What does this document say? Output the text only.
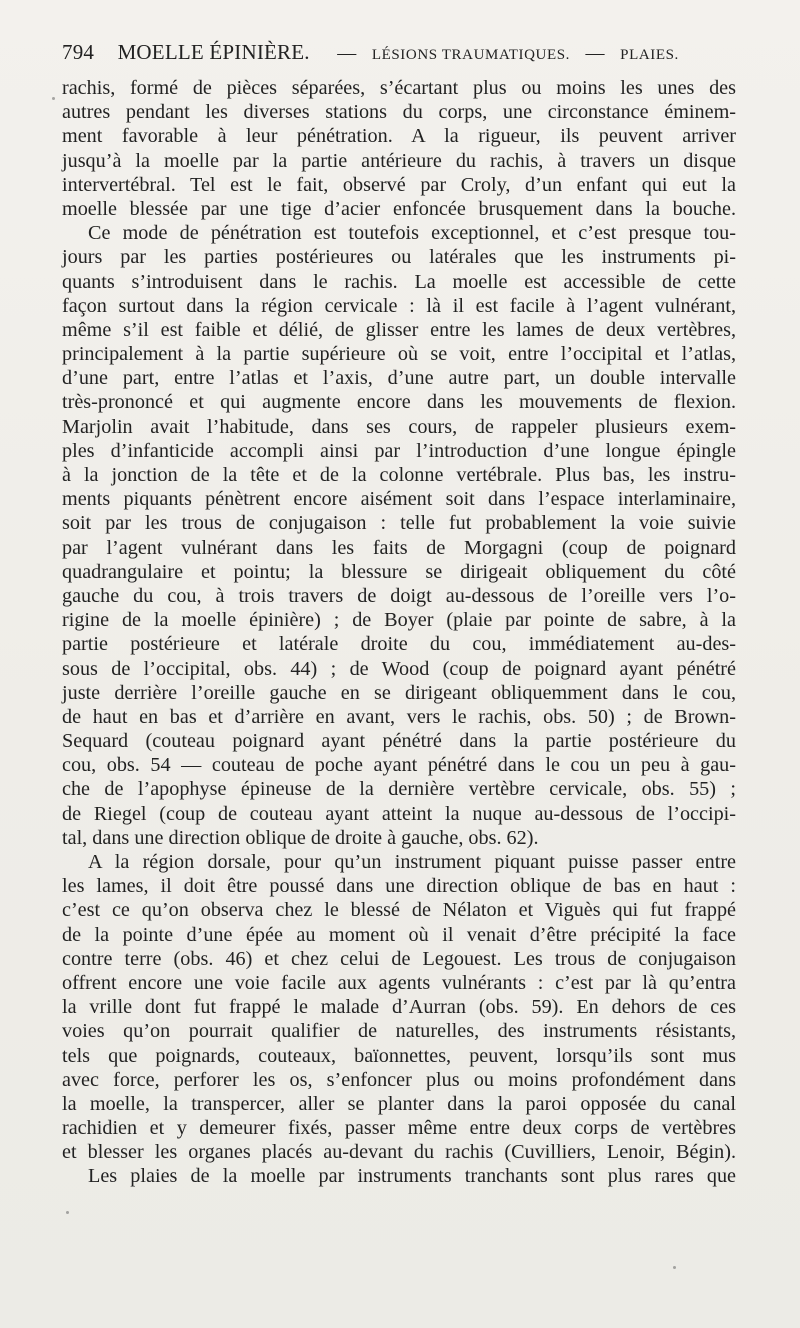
794 MOELLE ÉPINIÈRE. — LÉSIONS TRAUMATIQUES. — PLAIES.
rachis, formé de pièces séparées, s’écartant plus ou moins les unes des
autres pendant les diverses stations du corps, une circonstance éminem-
ment favorable à leur pénétration. A la rigueur, ils peuvent arriver
jusqu’à la moelle par la partie antérieure du rachis, à travers un disque
intervertébral. Tel est le fait, observé par Croly, d’un enfant qui eut la
moelle blessée par une tige d’acier enfoncée brusquement dans la bouche.
Ce mode de pénétration est toutefois exceptionnel, et c’est presque tou-
jours par les parties postérieures ou latérales que les instruments pi-
quants s’introduisent dans le rachis. La moelle est accessible de cette
façon surtout dans la région cervicale : là il est facile à l’agent vulnérant,
même s’il est faible et délié, de glisser entre les lames de deux vertèbres,
principalement à la partie supérieure où se voit, entre l’occipital et l’atlas,
d’une part, entre l’atlas et l’axis, d’une autre part, un double intervalle
très-prononcé et qui augmente encore dans les mouvements de flexion.
Marjolin avait l’habitude, dans ses cours, de rappeler plusieurs exem-
ples d’infanticide accompli ainsi par l’introduction d’une longue épingle
à la jonction de la tête et de la colonne vertébrale. Plus bas, les instru-
ments piquants pénètrent encore aisément soit dans l’espace interlaminaire,
soit par les trous de conjugaison : telle fut probablement la voie suivie
par l’agent vulnérant dans les faits de Morgagni (coup de poignard
quadrangulaire et pointu; la blessure se dirigeait obliquement du côté
gauche du cou, à trois travers de doigt au-dessous de l’oreille vers l’o-
rigine de la moelle épinière) ; de Boyer (plaie par pointe de sabre, à la
partie postérieure et latérale droite du cou, immédiatement au-des-
sous de l’occipital, obs. 44) ; de Wood (coup de poignard ayant pénétré
juste derrière l’oreille gauche en se dirigeant obliquemment dans le cou,
de haut en bas et d’arrière en avant, vers le rachis, obs. 50) ; de Brown-
Sequard (couteau poignard ayant pénétré dans la partie postérieure du
cou, obs. 54 — couteau de poche ayant pénétré dans le cou un peu à gau-
che de l’apophyse épineuse de la dernière vertèbre cervicale, obs. 55) ;
de Riegel (coup de couteau ayant atteint la nuque au-dessous de l’occipi-
tal, dans une direction oblique de droite à gauche, obs. 62).
A la région dorsale, pour qu’un instrument piquant puisse passer entre
les lames, il doit être poussé dans une direction oblique de bas en haut :
c’est ce qu’on observa chez le blessé de Nélaton et Viguès qui fut frappé
de la pointe d’une épée au moment où il venait d’être précipité la face
contre terre (obs. 46) et chez celui de Legouest. Les trous de conjugaison
offrent encore une voie facile aux agents vulnérants : c’est par là qu’entra
la vrille dont fut frappé le malade d’Aurran (obs. 59). En dehors de ces
voies qu’on pourrait qualifier de naturelles, des instruments résistants,
tels que poignards, couteaux, baïonnettes, peuvent, lorsqu’ils sont mus
avec force, perforer les os, s’enfoncer plus ou moins profondément dans
la moelle, la transpercer, aller se planter dans la paroi opposée du canal
rachidien et y demeurer fixés, passer même entre deux corps de vertèbres
et blesser les organes placés au-devant du rachis (Cuvilliers, Lenoir, Bégin).
Les plaies de la moelle par instruments tranchants sont plus rares que
